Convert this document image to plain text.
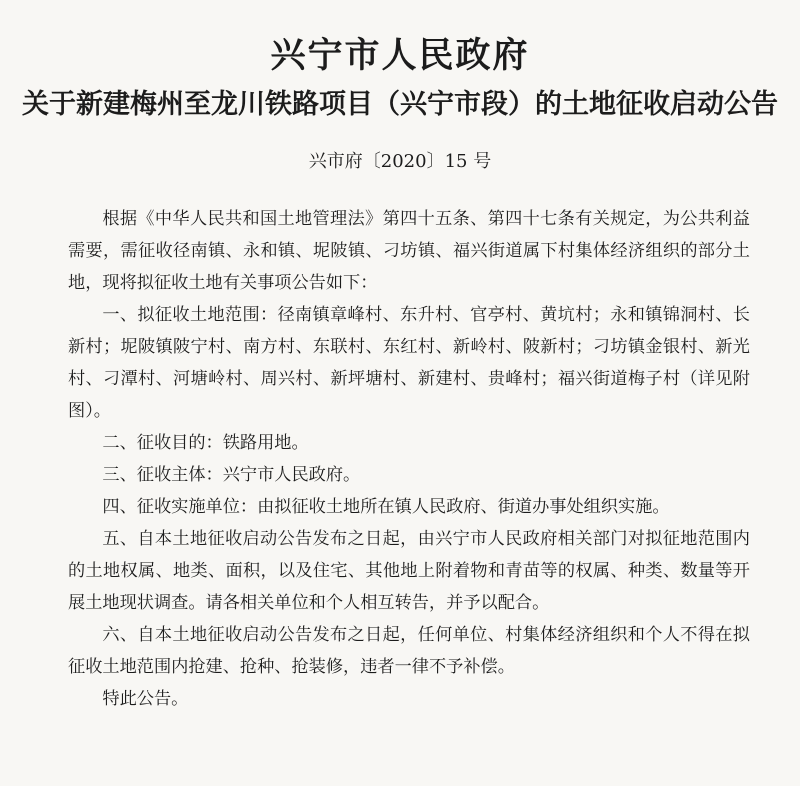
兴宁市人民政府
关于新建梅州至龙川铁路项目（兴宁市段）的土地征收启动公告
兴市府〔2020〕15 号

根据《中华人民共和国土地管理法》第四十五条、第四十七条有关规定，为公共利益需要，需征收径南镇、永和镇、坭陂镇、刁坊镇、福兴街道属下村集体经济组织的部分土地，现将拟征收土地有关事项公告如下：

一、拟征收土地范围：径南镇章峰村、东升村、官亭村、黄坑村；永和镇锦洞村、长新村；坭陂镇陂宁村、南方村、东联村、东红村、新岭村、陂新村；刁坊镇金银村、新光村、刁潭村、河塘岭村、周兴村、新坪塘村、新建村、贵峰村；福兴街道梅子村（详见附图）。

二、征收目的：铁路用地。

三、征收主体：兴宁市人民政府。

四、征收实施单位：由拟征收土地所在镇人民政府、街道办事处组织实施。

五、自本土地征收启动公告发布之日起，由兴宁市人民政府相关部门对拟征地范围内的土地权属、地类、面积，以及住宅、其他地上附着物和青苗等的权属、种类、数量等开展土地现状调查。请各相关单位和个人相互转告，并予以配合。

六、自本土地征收启动公告发布之日起，任何单位、村集体经济组织和个人不得在拟征收土地范围内抢建、抢种、抢装修，违者一律不予补偿。

特此公告。
